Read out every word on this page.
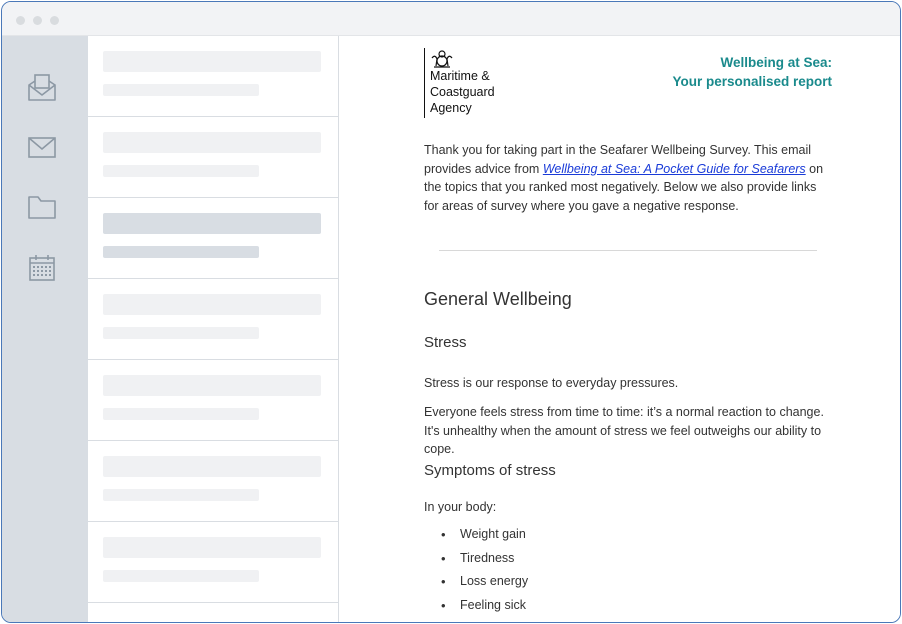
Maritime &
Coastguard
Agency
Wellbeing at Sea:
Your personalised report
Thank you for taking part in the Seafarer Wellbeing Survey. This email provides advice from Wellbeing at Sea: A Pocket Guide for Seafarers on the topics that you ranked most negatively. Below we also provide links for areas of survey where you gave a negative response.
General Wellbeing
Stress
Stress is our response to everyday pressures.
Everyone feels stress from time to time: it’s a normal reaction to change. It's unhealthy when the amount of stress we feel outweighs our ability to cope.
Symptoms of stress
In your body:
• Weight gain
• Tiredness
• Loss energy
• Feeling sick
